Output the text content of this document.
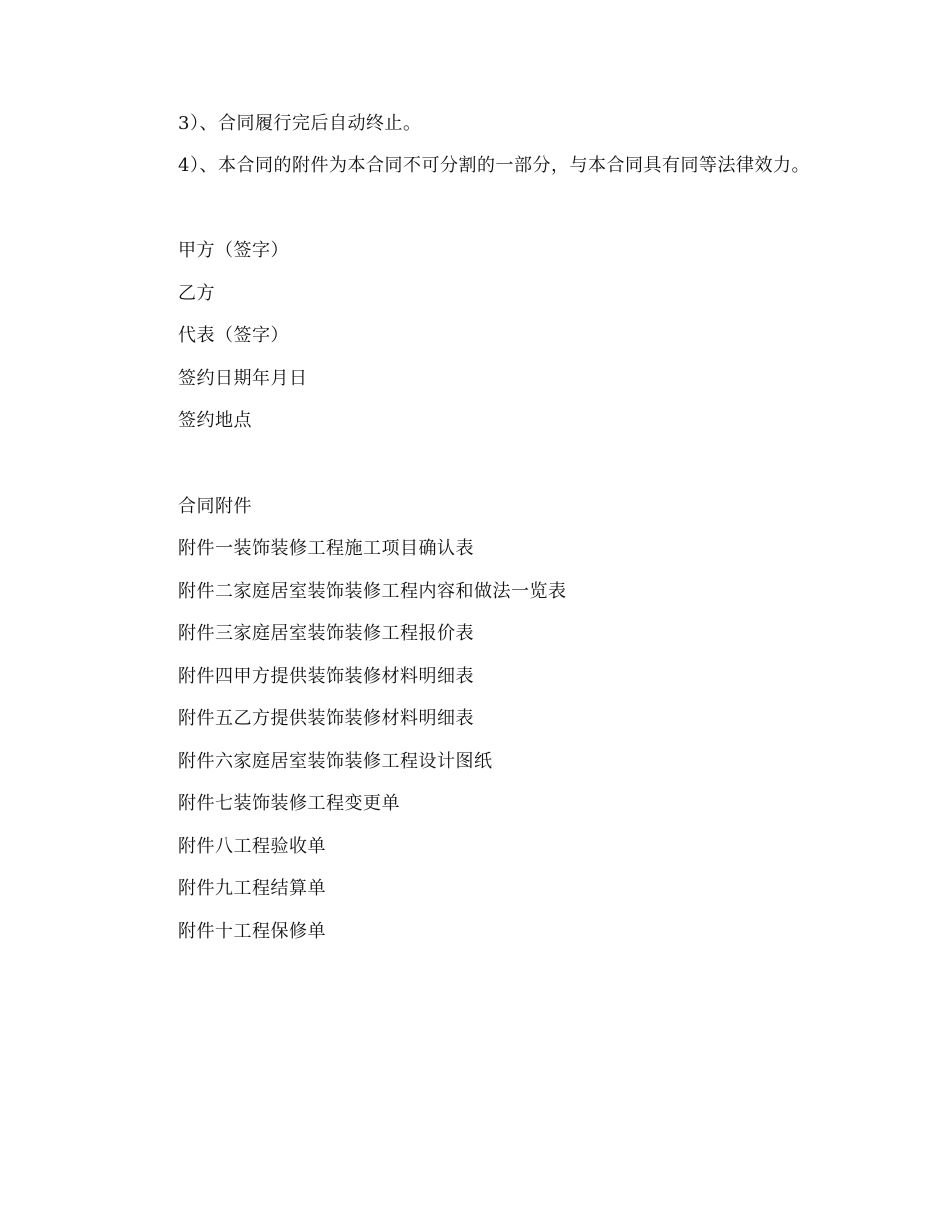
3）、合同履行完后自动终止。
4）、本合同的附件为本合同不可分割的一部分，与本合同具有同等法律效力。
甲方（签字）
乙方
代表（签字）
签约日期年月日
签约地点
合同附件
附件一装饰装修工程施工项目确认表
附件二家庭居室装饰装修工程内容和做法一览表
附件三家庭居室装饰装修工程报价表
附件四甲方提供装饰装修材料明细表
附件五乙方提供装饰装修材料明细表
附件六家庭居室装饰装修工程设计图纸
附件七装饰装修工程变更单
附件八工程验收单
附件九工程结算单
附件十工程保修单
